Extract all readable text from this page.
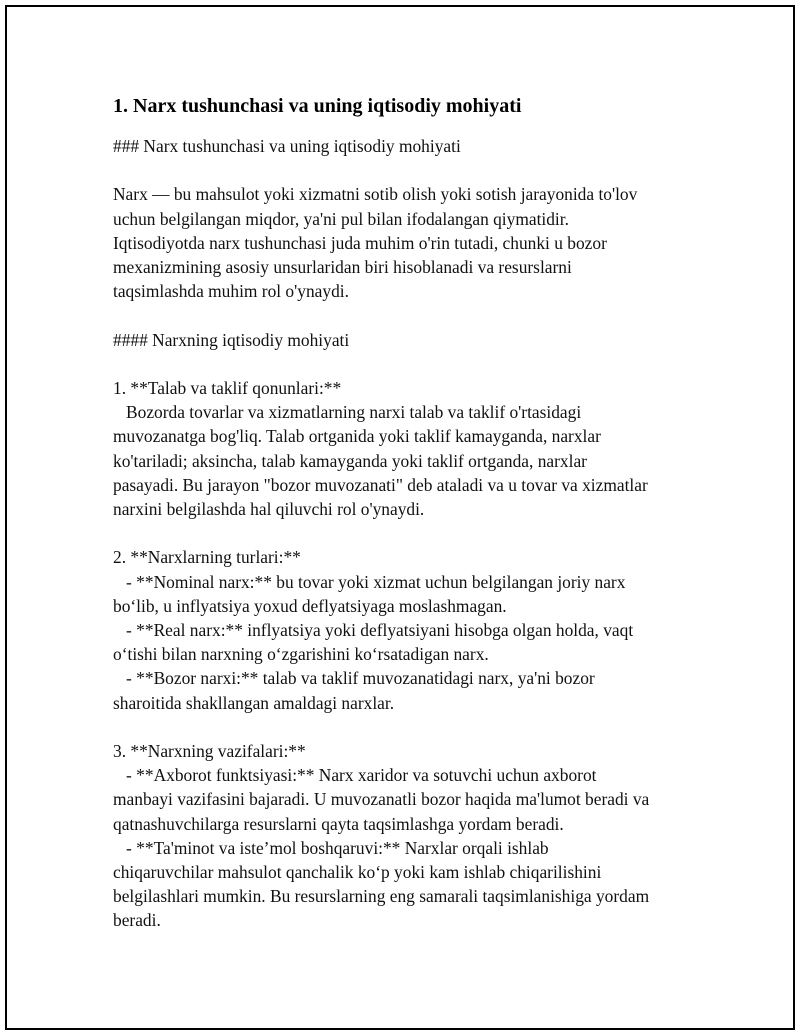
1. Narx tushunchasi va uning iqtisodiy mohiyati
### Narx tushunchasi va uning iqtisodiy mohiyati
Narx — bu mahsulot yoki xizmatni sotib olish yoki sotish jarayonida to'lov
uchun belgilangan miqdor, ya'ni pul bilan ifodalangan qiymatidir.
Iqtisodiyotda narx tushunchasi juda muhim o'rin tutadi, chunki u bozor
mexanizmining asosiy unsurlaridan biri hisoblanadi va resurslarni
taqsimlashda muhim rol o'ynaydi.
#### Narxning iqtisodiy mohiyati
1. **Talab va taklif qonunlari:**
Bozorda tovarlar va xizmatlarning narxi talab va taklif o'rtasidagi
muvozanatga bog'liq. Talab ortganida yoki taklif kamayganda, narxlar
ko'tariladi; aksincha, talab kamayganda yoki taklif ortganda, narxlar
pasayadi. Bu jarayon "bozor muvozanati" deb ataladi va u tovar va xizmatlar
narxini belgilashda hal qiluvchi rol o'ynaydi.
2. **Narxlarning turlari:**
- **Nominal narx:** bu tovar yoki xizmat uchun belgilangan joriy narx
bo‘lib, u inflyatsiya yoxud deflyatsiyaga moslashmagan.
- **Real narx:** inflyatsiya yoki deflyatsiyani hisobga olgan holda, vaqt
o‘tishi bilan narxning o‘zgarishini ko‘rsatadigan narx.
- **Bozor narxi:** talab va taklif muvozanatidagi narx, ya'ni bozor
sharoitida shakllangan amaldagi narxlar.
3. **Narxning vazifalari:**
- **Axborot funktsiyasi:** Narx xaridor va sotuvchi uchun axborot
manbayi vazifasini bajaradi. U muvozanatli bozor haqida ma'lumot beradi va
qatnashuvchilarga resurslarni qayta taqsimlashga yordam beradi.
- **Ta'minot va iste’mol boshqaruvi:** Narxlar orqali ishlab
chiqaruvchilar mahsulot qanchalik ko‘p yoki kam ishlab chiqarilishini
belgilashlari mumkin. Bu resurslarning eng samarali taqsimlanishiga yordam
beradi.
